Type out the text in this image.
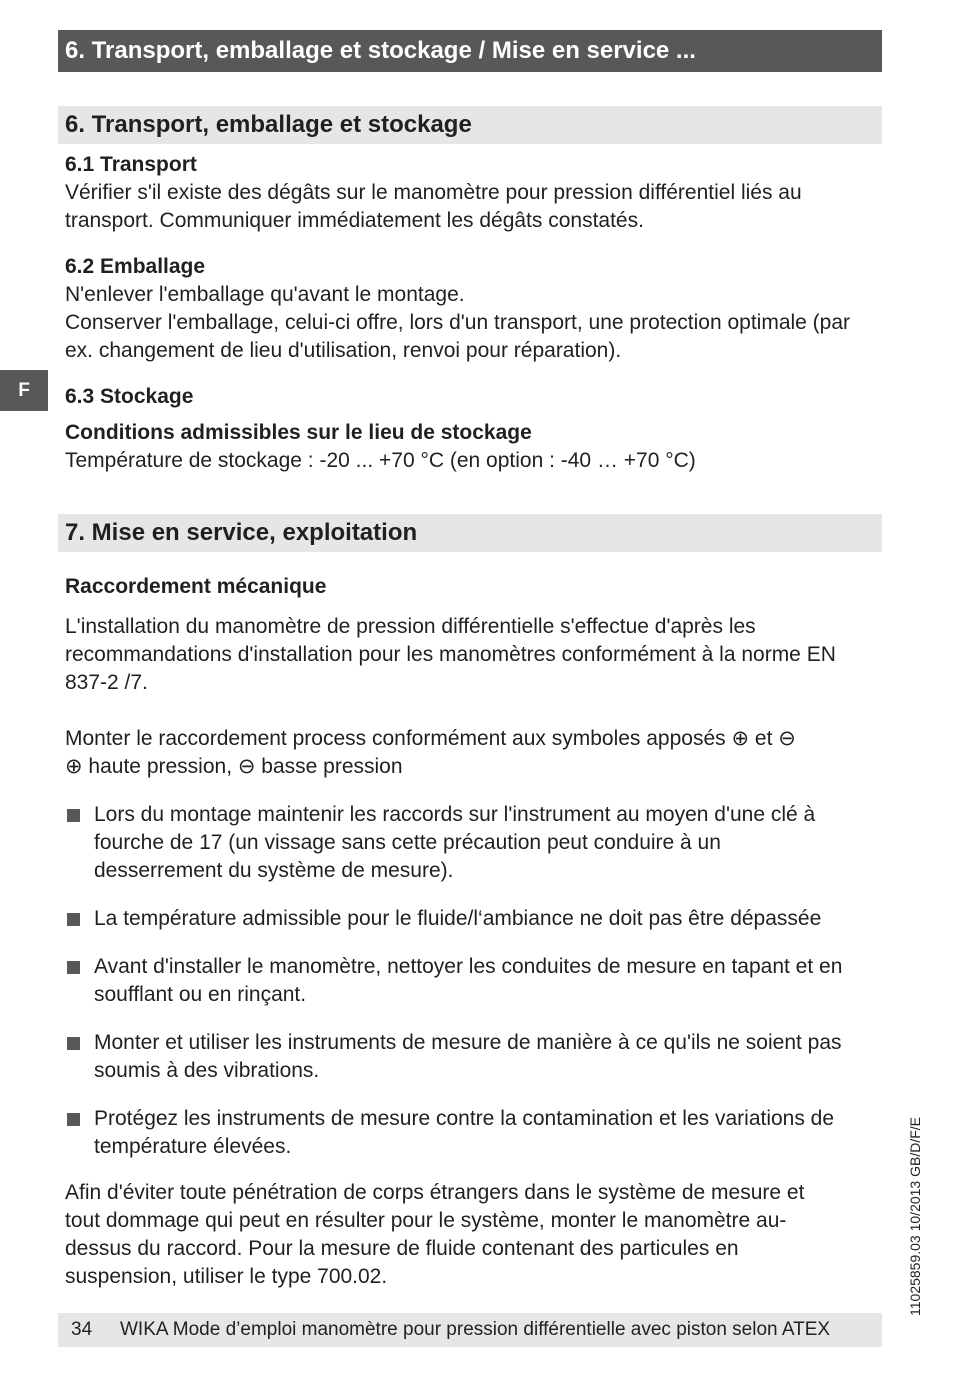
6. Transport, emballage et stockage / Mise en service ...
F
6. Transport, emballage et stockage

6.1 Transport

Vérifier s'il existe des dégâts sur le manomètre pour pression différentiel liés au transport. Communiquer immédiatement les dégâts constatés.

6.2 Emballage

N'enlever l'emballage qu'avant le montage.

Conserver l'emballage, celui-ci offre, lors d'un transport, une protection optimale (par ex. changement de lieu d'utilisation, renvoi pour réparation).

6.3 Stockage

Conditions admissibles sur le lieu de stockage

Température de stockage : -20 ... +70 °C (en option : -40 … +70 °C)

7. Mise en service, exploitation

Raccordement mécanique

L'installation du manomètre de pression différentielle s'effectue d'après les recommandations d'installation pour les manomètres conformément à la norme EN 837-2 /7.

Monter le raccordement process conformément aux symboles apposés ⊕ et ⊖

⊕ haute pression, ⊖ basse pression

Lors du montage maintenir les raccords sur l'instrument au moyen d'une clé à fourche de 17 (un vissage sans cette précaution peut conduire à un desserrement du système de mesure).
La température admissible pour le fluide/l‘ambiance ne doit pas être dépassée
Avant d'installer le manomètre, nettoyer les conduites de mesure en tapant et en soufflant ou en rinçant.
Monter et utiliser les instruments de mesure de manière à ce qu'ils ne soient pas soumis à des vibrations.
Protégez les instruments de mesure contre la contamination et les variations de température élevées.

Afin d'éviter toute pénétration de corps étrangers dans le système de mesure et tout dommage qui peut en résulter pour le système, monter le manomètre au-dessus du raccord. Pour la mesure de fluide contenant des particules en suspension, utiliser le type 700.02.

34 WIKA Mode d’emploi manomètre pour pression différentielle avec piston selon ATEX
11025859.03 10/2013 GB/D/F/E
